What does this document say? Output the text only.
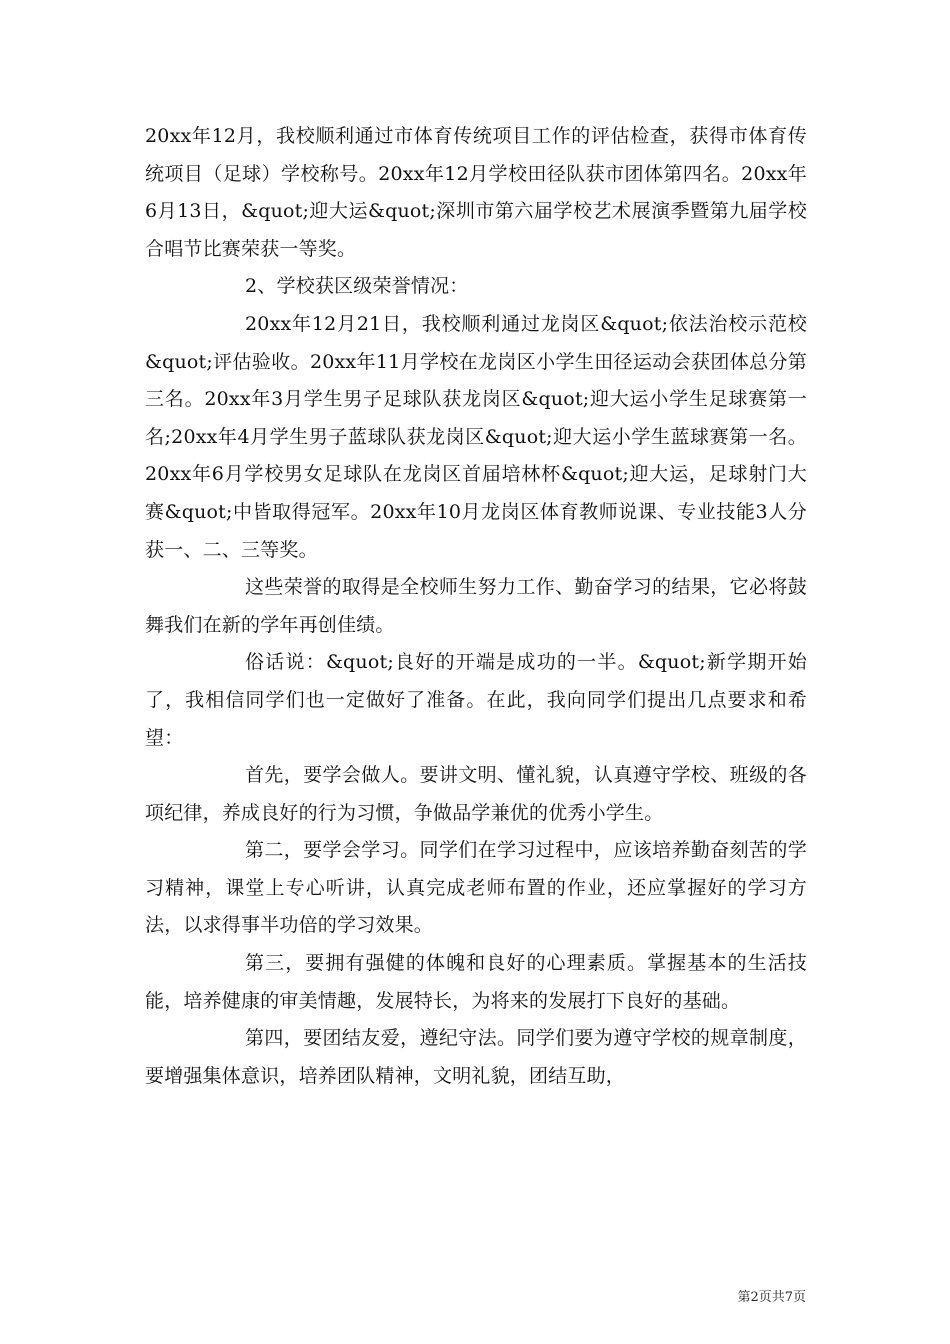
20xx年12月，我校顺利通过市体育传统项目工作的评估检查，获得市体育传统项目（足球）学校称号。20xx年12月学校田径队获市团体第四名。20xx年6月13日，&quot;迎大运&quot;深圳市第六届学校艺术展演季暨第九届学校合唱节比赛荣获一等奖。

2、学校获区级荣誉情况：

20xx年12月21日，我校顺利通过龙岗区&quot;依法治校示范校&quot;评估验收。20xx年11月学校在龙岗区小学生田径运动会获团体总分第三名。20xx年3月学生男子足球队获龙岗区&quot;迎大运小学生足球赛第一名;20xx年4月学生男子蓝球队获龙岗区&quot;迎大运小学生蓝球赛第一名。20xx年6月学校男女足球队在龙岗区首届培林杯&quot;迎大运，足球射门大赛&quot;中皆取得冠军。20xx年10月龙岗区体育教师说课、专业技能3人分获一、二、三等奖。

这些荣誉的取得是全校师生努力工作、勤奋学习的结果，它必将鼓舞我们在新的学年再创佳绩。

俗话说：&quot;良好的开端是成功的一半。&quot;新学期开始了，我相信同学们也一定做好了准备。在此，我向同学们提出几点要求和希望：

首先，要学会做人。要讲文明、懂礼貌，认真遵守学校、班级的各项纪律，养成良好的行为习惯，争做品学兼优的优秀小学生。

第二，要学会学习。同学们在学习过程中，应该培养勤奋刻苦的学习精神，课堂上专心听讲，认真完成老师布置的作业，还应掌握好的学习方法，以求得事半功倍的学习效果。

第三，要拥有强健的体魄和良好的心理素质。掌握基本的生活技能，培养健康的审美情趣，发展特长，为将来的发展打下良好的基础。

第四，要团结友爱，遵纪守法。同学们要为遵守学校的规章制度，要增强集体意识，培养团队精神，文明礼貌，团结互助，

第2页共7页
